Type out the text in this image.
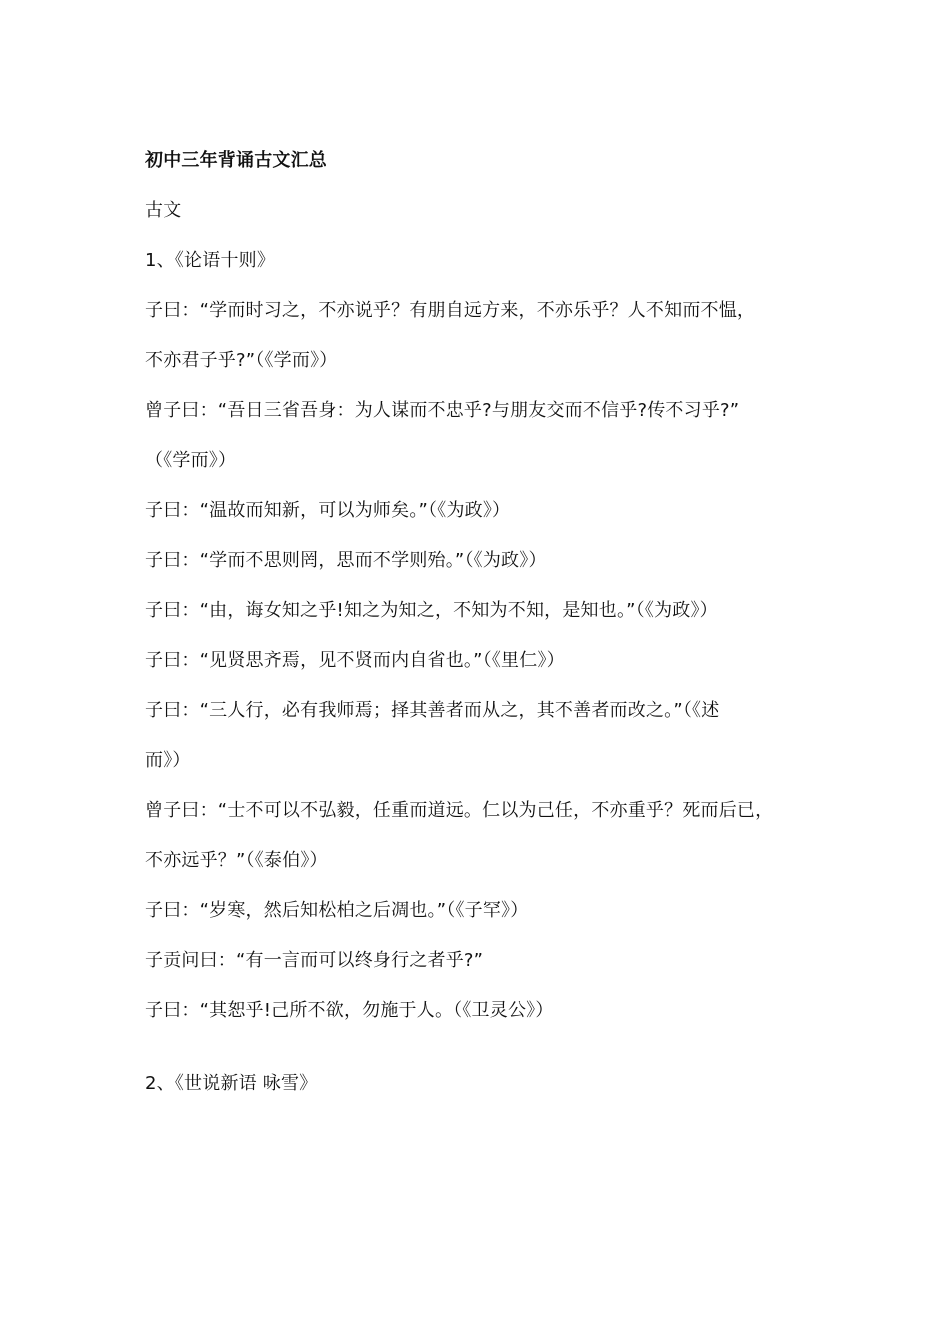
初中三年背诵古文汇总
古文
1、《论语十则》
子曰：“学而时习之，不亦说乎？有朋自远方来，不亦乐乎？人不知而不愠，
不亦君子乎?”（《学而》）
曾子曰：“吾日三省吾身：为人谋而不忠乎?与朋友交而不信乎?传不习乎?”
（《学而》）
子曰：“温故而知新，可以为师矣。”（《为政》）
子曰：“学而不思则罔，思而不学则殆。”（《为政》）
子曰：“由，诲女知之乎!知之为知之，不知为不知，是知也。”（《为政》）
子曰：“见贤思齐焉，见不贤而内自省也。”（《里仁》）
子曰：“三人行，必有我师焉；择其善者而从之，其不善者而改之。”（《述
而》）
曾子曰：“士不可以不弘毅，任重而道远。仁以为己任，不亦重乎？死而后已，
不亦远乎？”（《泰伯》）
子曰：“岁寒，然后知松柏之后凋也。”（《子罕》）
子贡问曰：“有一言而可以终身行之者乎?”
子曰：“其恕乎!己所不欲，勿施于人。（《卫灵公》）
2、《世说新语 咏雪》
